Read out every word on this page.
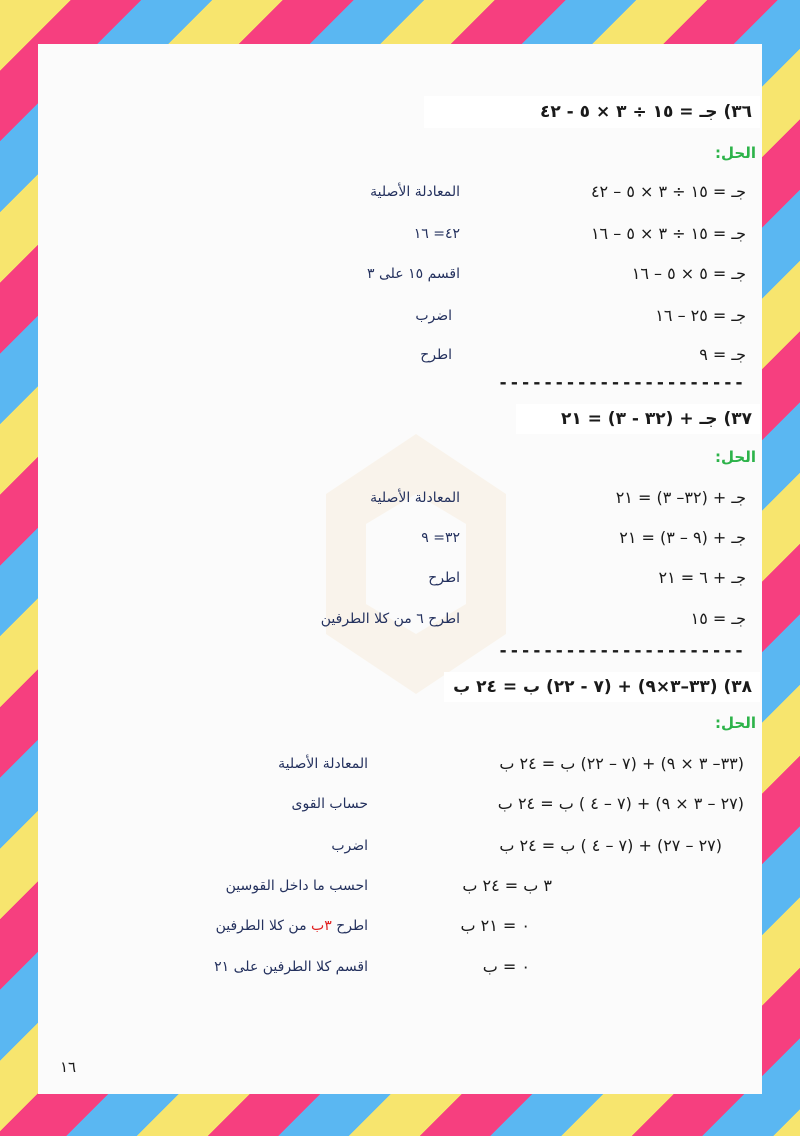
٣٦) جـ = ١٥ ÷ ٣ × ٥ - ٤٢
الحل:
جـ = ١٥ ÷ ٣ × ٥ – ٤٢
المعادلة الأصلية
جـ = ١٥ ÷ ٣ × ٥ – ١٦
٤٢= ١٦
جـ = ٥ × ٥ – ١٦
اقسم ١٥ على ٣
جـ = ٢٥ – ١٦
اضرب
جـ = ٩
اطرح
----------------------
٣٧) جـ + (٣٢ - ٣) = ٢١
الحل:
جـ + (٣٢– ٣) = ٢١
المعادلة الأصلية
جـ + (٩ – ٣) = ٢١
٣٢= ٩
جـ + ٦ = ٢١
اطرح
جـ = ١٥
اطرح ٦ من كلا الطرفين
----------------------
٣٨) (٣٣–٣×٩) + (٧ - ٢٢) ب = ٢٤ ب
الحل:
(٣٣– ٣ × ٩) + (٧ – ٢٢) ب = ٢٤ ب
المعادلة الأصلية
(٢٧ – ٣ × ٩) + (٧ – ٤ ) ب = ٢٤ ب
حساب القوى
(٢٧ – ٢٧) + (٧ – ٤ ) ب = ٢٤ ب
اضرب
٣ ب = ٢٤ ب
احسب ما داخل القوسين
٠ = ٢١ ب
اطرح ٣ب من كلا الطرفين
٠ = ب
اقسم كلا الطرفين على ٢١
١٦
